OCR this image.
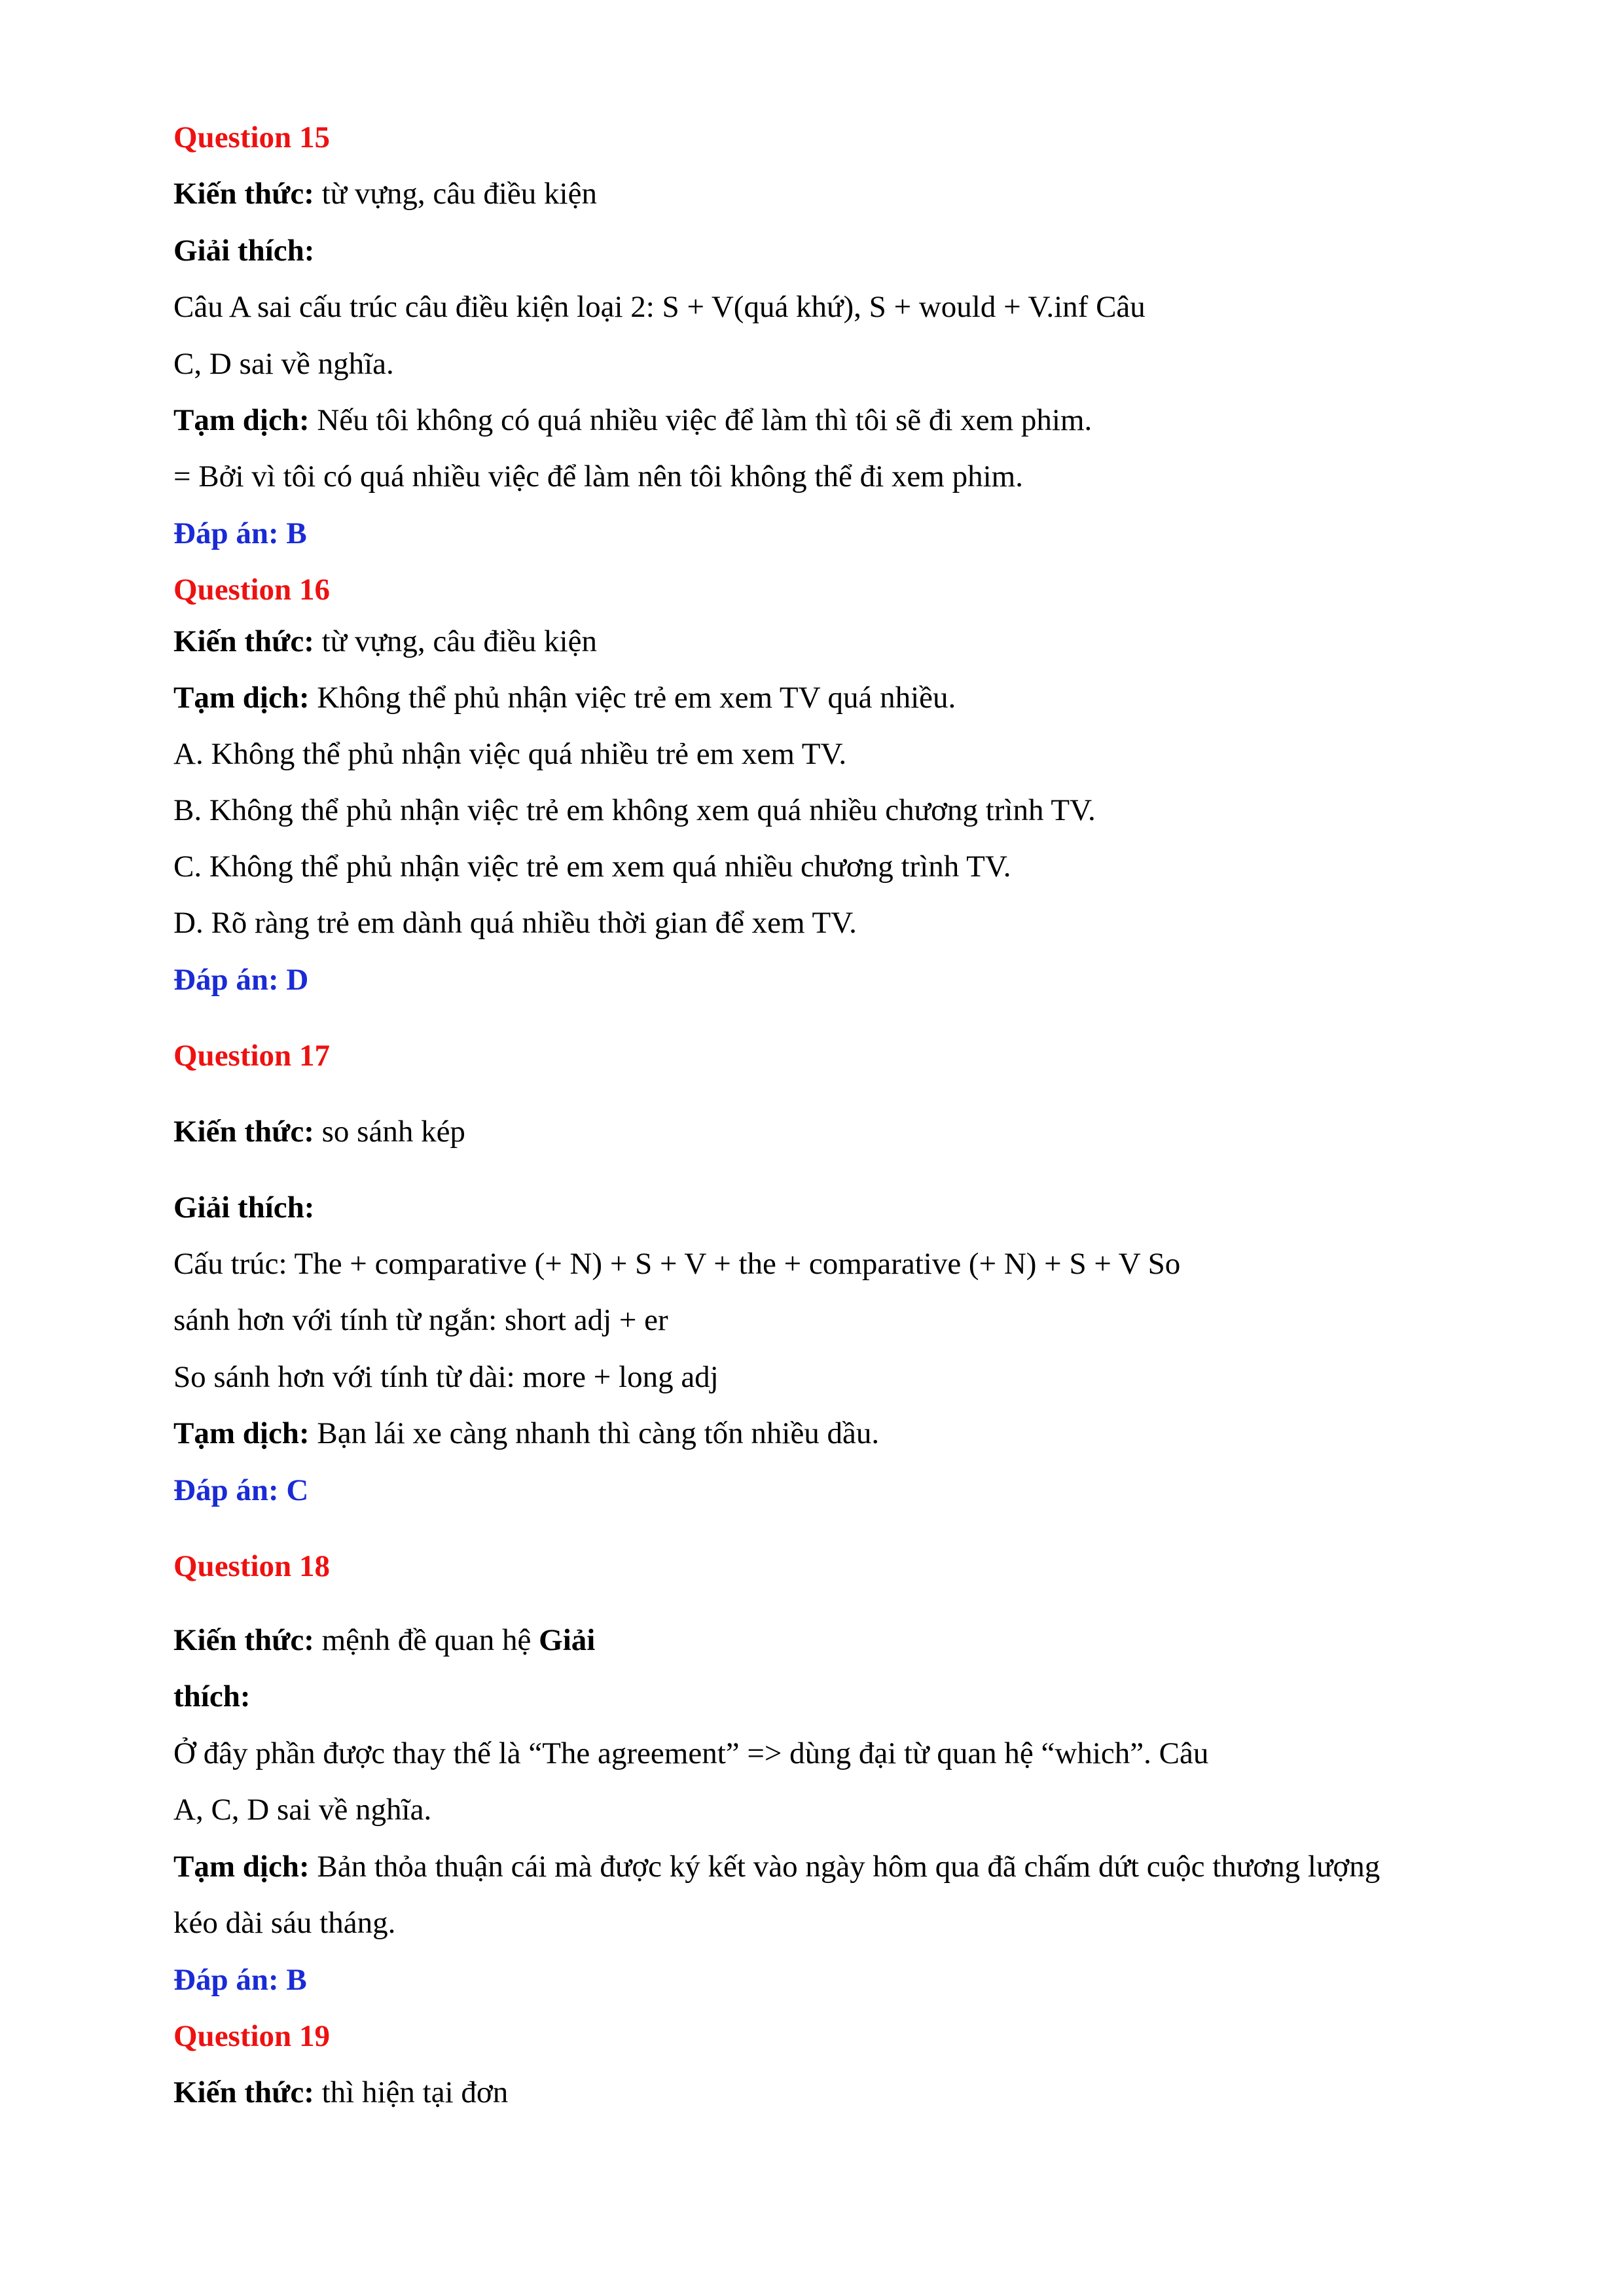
Question 15
Kiến thức: từ vựng, câu điều kiện
Giải thích:
Câu A sai cấu trúc câu điều kiện loại 2: S + V(quá khứ), S + would + V.inf Câu
C, D sai về nghĩa.
Tạm dịch: Nếu tôi không có quá nhiều việc để làm thì tôi sẽ đi xem phim.
= Bởi vì tôi có quá nhiều việc để làm nên tôi không thể đi xem phim.
Đáp án: B
Question 16
Kiến thức: từ vựng, câu điều kiện
Tạm dịch: Không thể phủ nhận việc trẻ em xem TV quá nhiều.
A. Không thể phủ nhận việc quá nhiều trẻ em xem TV.
B. Không thể phủ nhận việc trẻ em không xem quá nhiều chương trình TV.
C. Không thể phủ nhận việc trẻ em xem quá nhiều chương trình TV.
D. Rõ ràng trẻ em dành quá nhiều thời gian để xem TV.
Đáp án: D
Question 17
Kiến thức: so sánh kép
Giải thích:
Cấu trúc: The + comparative (+ N) + S + V + the + comparative (+ N) + S + V So
sánh hơn với tính từ ngắn: short adj + er
So sánh hơn với tính từ dài: more + long adj
Tạm dịch: Bạn lái xe càng nhanh thì càng tốn nhiều dầu.
Đáp án: C
Question 18
Kiến thức: mệnh đề quan hệ Giải
thích:
Ở đây phần được thay thế là “The agreement” => dùng đại từ quan hệ “which”. Câu
A, C, D sai về nghĩa.
Tạm dịch: Bản thỏa thuận cái mà được ký kết vào ngày hôm qua đã chấm dứt cuộc thương lượng
kéo dài sáu tháng.
Đáp án: B
Question 19
Kiến thức: thì hiện tại đơn
